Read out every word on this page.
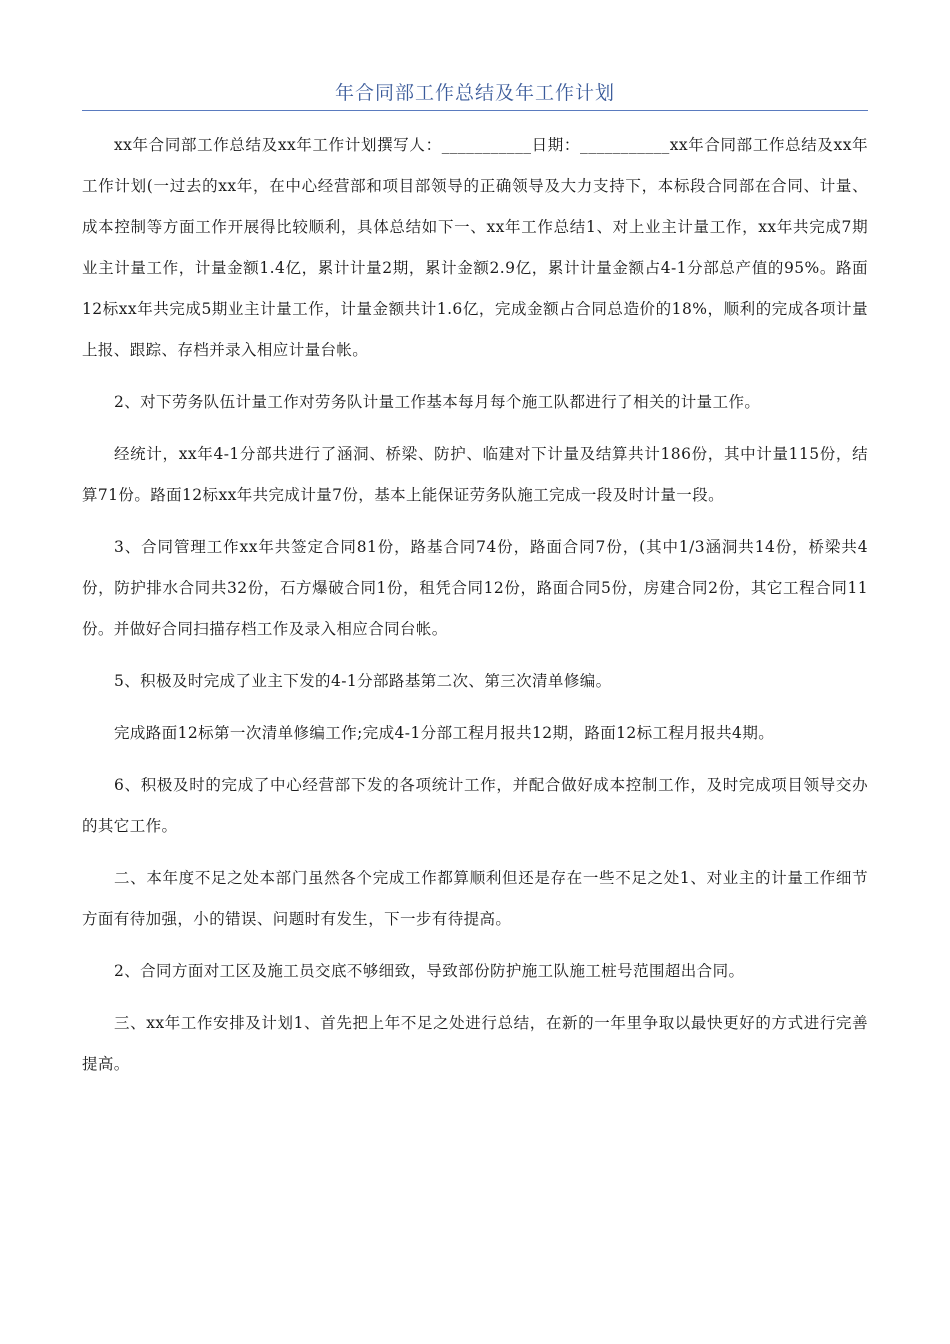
年合同部工作总结及年工作计划

xx年合同部工作总结及xx年工作计划撰写人：___________日期：___________xx年合同部工作总结及xx年工作计划(一过去的xx年，在中心经营部和项目部领导的正确领导及大力支持下，本标段合同部在合同、计量、成本控制等方面工作开展得比较顺利，具体总结如下一、xx年工作总结1、对上业主计量工作，xx年共完成7期业主计量工作，计量金额1.4亿，累计计量2期，累计金额2.9亿，累计计量金额占4-1分部总产值的95%。路面12标xx年共完成5期业主计量工作，计量金额共计1.6亿，完成金额占合同总造价的18%，顺利的完成各项计量上报、跟踪、存档并录入相应计量台帐。

2、对下劳务队伍计量工作对劳务队计量工作基本每月每个施工队都进行了相关的计量工作。

经统计，xx年4-1分部共进行了涵洞、桥梁、防护、临建对下计量及结算共计186份，其中计量115份，结算71份。路面12标xx年共完成计量7份，基本上能保证劳务队施工完成一段及时计量一段。

3、合同管理工作xx年共签定合同81份，路基合同74份，路面合同7份，(其中1/3涵洞共14份，桥梁共4份，防护排水合同共32份，石方爆破合同1份，租凭合同12份，路面合同5份，房建合同2份，其它工程合同11份。并做好合同扫描存档工作及录入相应合同台帐。

5、积极及时完成了业主下发的4-1分部路基第二次、第三次清单修编。

完成路面12标第一次清单修编工作;完成4-1分部工程月报共12期，路面12标工程月报共4期。

6、积极及时的完成了中心经营部下发的各项统计工作，并配合做好成本控制工作，及时完成项目领导交办的其它工作。

二、本年度不足之处本部门虽然各个完成工作都算顺利但还是存在一些不足之处1、对业主的计量工作细节方面有待加强，小的错误、问题时有发生，下一步有待提高。

2、合同方面对工区及施工员交底不够细致，导致部份防护施工队施工桩号范围超出合同。

三、xx年工作安排及计划1、首先把上年不足之处进行总结，在新的一年里争取以最快更好的方式进行完善提高。
